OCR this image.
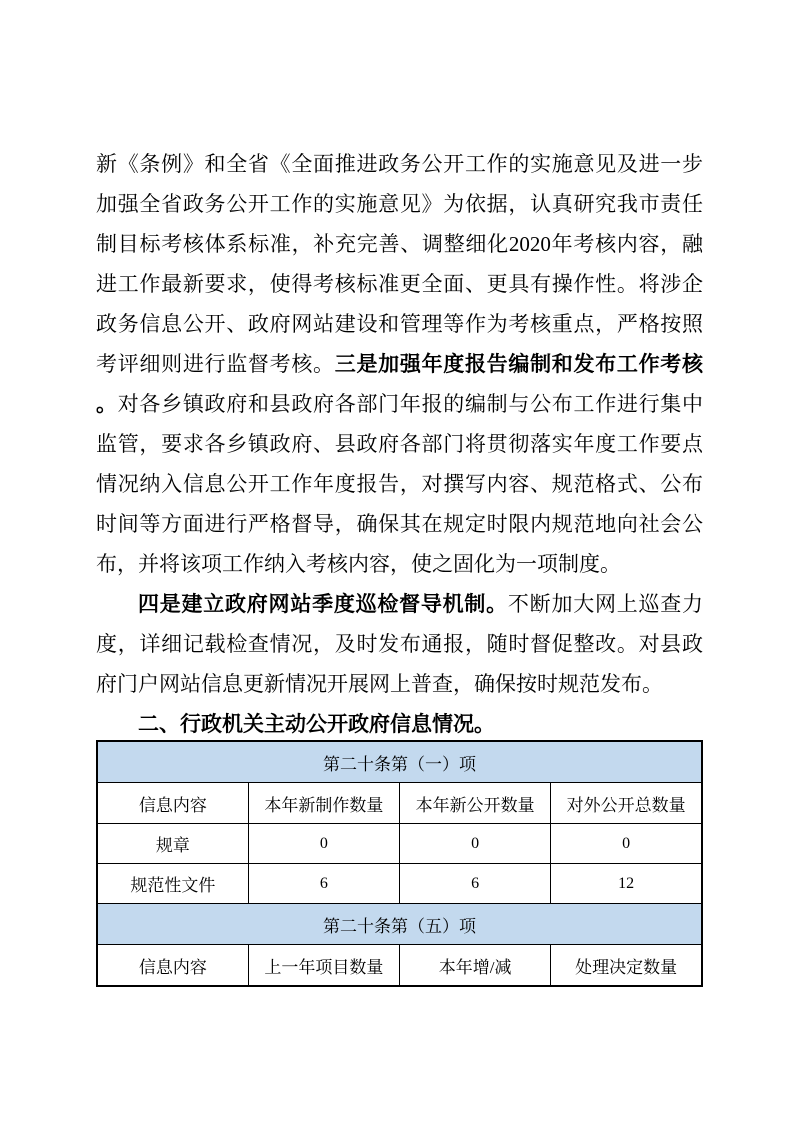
新《条例》和全省《全面推进政务公开工作的实施意见及进一步
加强全省政务公开工作的实施意见》为依据，认真研究我市责任
制目标考核体系标准，补充完善、调整细化2020年考核内容，融
进工作最新要求，使得考核标准更全面、更具有操作性。将涉企
政务信息公开、政府网站建设和管理等作为考核重点，严格按照
考评细则进行监督考核。三是加强年度报告编制和发布工作考核
。对各乡镇政府和县政府各部门年报的编制与公布工作进行集中
监管，要求各乡镇政府、县政府各部门将贯彻落实年度工作要点
情况纳入信息公开工作年度报告，对撰写内容、规范格式、公布
时间等方面进行严格督导，确保其在规定时限内规范地向社会公
布，并将该项工作纳入考核内容，使之固化为一项制度。
四是建立政府网站季度巡检督导机制。不断加大网上巡查力
度，详细记载检查情况，及时发布通报，随时督促整改。对县政
府门户网站信息更新情况开展网上普查，确保按时规范发布。
二、行政机关主动公开政府信息情况。
第二十条第（一）项			
信息内容	本年新制作数量	本年新公开数量	对外公开总数量
规章	0	0	0
规范性文件	6	6	12
第二十条第（五）项			
信息内容	上一年项目数量	本年增/减	处理决定数量
